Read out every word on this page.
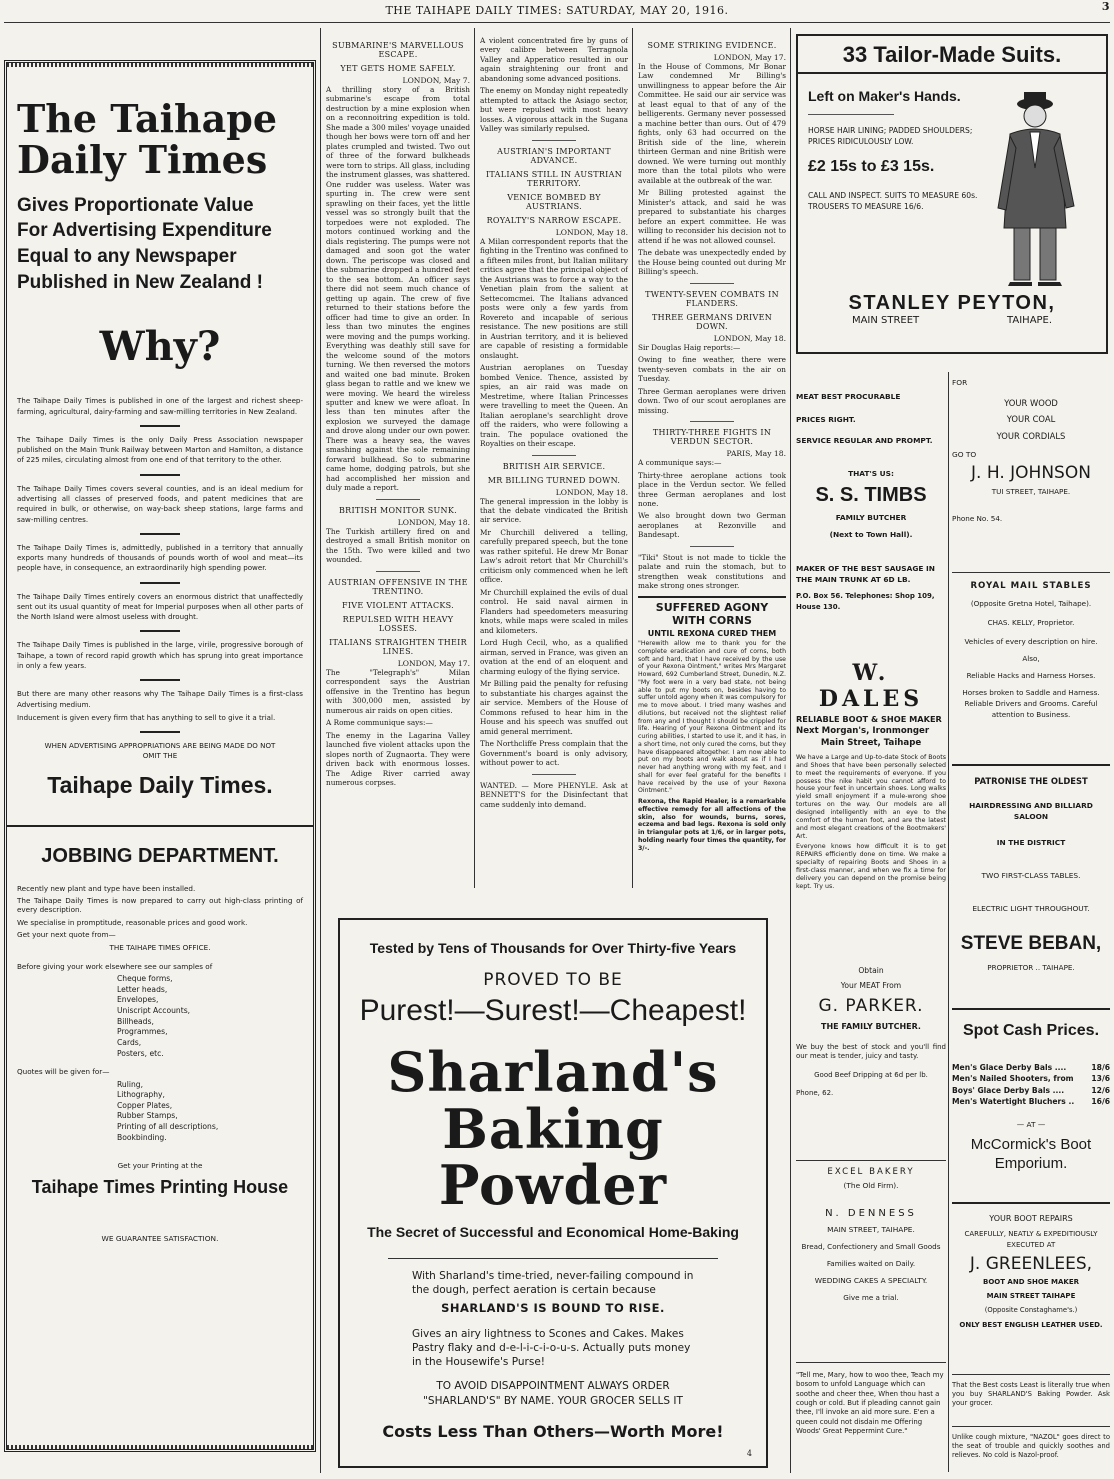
THE TAIHAPE DAILY TIMES: SATURDAY, MAY 20, 1916.	3
The Taihape
Daily Times
Gives Proportionate Value
For Advertising Expenditure
Equal to any Newspaper
Published in New Zealand !
Why?

The Taihape Daily Times is published in one of the largest and richest sheep-farming, agricultural, dairy-farming and saw-milling territories in New Zealand.

The Taihape Daily Times is the only Daily Press Association newspaper published on the Main Trunk Railway between Marton and Hamilton, a distance of 225 miles, circulating almost from one end of that territory to the other.

The Taihape Daily Times covers several counties, and is an ideal medium for advertising all classes of preserved foods, and patent medicines that are required in bulk, or otherwise, on way-back sheep stations, large farms and saw-milling centres.

The Taihape Daily Times is, admittedly, published in a territory that annually exports many hundreds of thousands of pounds worth of wool and meat—its people have, in consequence, an extraordinarily high spending power.

The Taihape Daily Times entirely covers an enormous district that unaffectedly sent out its usual quantity of meat for Imperial purposes when all other parts of the North Island were almost useless with drought.

The Taihape Daily Times is published in the large, virile, progressive borough of Taihape, a town of record rapid growth which has sprung into great importance in only a few years.

But there are many other reasons why The Taihape Daily Times is a first-class Advertising medium.

Inducement is given every firm that has anything to sell to give it a trial.

WHEN ADVERTISING APPROPRIATIONS ARE BEING MADE DO NOT OMIT THE

Taihape Daily Times.
JOBBING DEPARTMENT.

Recently new plant and type have been installed.

The Taihape Daily Times is now prepared to carry out high-class printing of every description.

We specialise in promptitude, reasonable prices and good work.

Get your next quote from—

THE TAIHAPE TIMES OFFICE.

Before giving your work elsewhere see our samples of

Cheque forms,
Letter heads,
Envelopes,
Uniscript Accounts,
Billheads,
Programmes,
Cards,
Posters, etc.

Quotes will be given for—

Ruling,
Lithography,
Copper Plates,
Rubber Stamps,
Printing of all descriptions,
Bookbinding.

Get your Printing at the

Taihape Times Printing House
WE GUARANTEE SATISFACTION.
SUBMARINE'S MARVELLOUS ESCAPE.
YET GETS HOME SAFELY.
LONDON, May 7.

A thrilling story of a British submarine's escape from total destruction by a mine explosion when on a reconnoitring expedition is told. She made a 300 miles' voyage unaided though her bows were torn off and her plates crumpled and twisted. Two out of three of the forward bulkheads were torn to strips. All glass, including the instrument glasses, was shattered. One rudder was useless. Water was spurting in. The crew were sent sprawling on their faces, yet the little vessel was so strongly built that the torpedoes were not exploded. The motors continued working and the dials registering. The pumps were not damaged and soon got the water down. The periscope was closed and the submarine dropped a hundred feet to the sea bottom. An officer says there did not seem much chance of getting up again. The crew of five returned to their stations before the officer had time to give an order. In less than two minutes the engines were moving and the pumps working. Everything was deathly still save for the welcome sound of the motors turning. We then reversed the motors and waited one bad minute. Broken glass began to rattle and we knew we were moving. We heard the wireless sputter and knew we were afloat. In less than ten minutes after the explosion we surveyed the damage and drove along under our own power. There was a heavy sea, the waves smashing against the sole remaining forward bulkhead. So to submarine came home, dodging patrols, but she had accomplished her mission and duly made a report.

BRITISH MONITOR SUNK.
LONDON, May 18.

The Turkish artillery fired on and destroyed a small British monitor on the 15th. Two were killed and two wounded.

AUSTRIAN OFFENSIVE IN THE TRENTINO.
FIVE VIOLENT ATTACKS.
REPULSED WITH HEAVY LOSSES.
ITALIANS STRAIGHTEN THEIR LINES.
LONDON, May 17.

The "Telegraph's" Milan correspondent says the Austrian offensive in the Trentino has begun with 300,000 men, assisted by numerous air raids on open cities.

A Rome communique says:—

The enemy in the Lagarina Valley launched five violent attacks upon the slopes north of Zugnaorta. They were driven back with enormous losses. The Adige River carried away numerous corpses.

A violent concentrated fire by guns of every calibre between Terragnola Valley and Apperatico resulted in our again straightening our front and abandoning some advanced positions.

The enemy on Monday night repeatedly attempted to attack the Asiago sector, but were repulsed with most heavy losses. A vigorous attack in the Sugana Valley was similarly repulsed.

AUSTRIAN'S IMPORTANT ADVANCE.
ITALIANS STILL IN AUSTRIAN TERRITORY.
VENICE BOMBED BY AUSTRIANS.
ROYALTY'S NARROW ESCAPE.
LONDON, May 18.

A Milan correspondent reports that the fighting in the Trentino was confined to a fifteen miles front, but Italian military critics agree that the principal object of the Austrians was to force a way to the Venetian plain from the salient at Settecomcmei. The Italians advanced posts were only a few yards from Rovereto and incapable of serious resistance. The new positions are still in Austrian territory, and it is believed are capable of resisting a formidable onslaught.

Austrian aeroplanes on Tuesday bombed Venice. Thence, assisted by spies, an air raid was made on Mestretime, where Italian Princesses were travelling to meet the Queen. An Italian aeroplane's searchlight drove off the raiders, who were following a train. The populace ovationed the Royalties on their escape.

BRITISH AIR SERVICE.
MR BILLING TURNED DOWN.
LONDON, May 18.

The general impression in the lobby is that the debate vindicated the British air service.

Mr Churchill delivered a telling, carefully prepared speech, but the tone was rather spiteful. He drew Mr Bonar Law's adroit retort that Mr Churchill's criticism only commenced when he left office.

Mr Churchill explained the evils of dual control. He said naval airmen in Flanders had speedometers measuring knots, while maps were scaled in miles and kilometers.

Lord Hugh Cecil, who, as a qualified airman, served in France, was given an ovation at the end of an eloquent and charming eulogy of the flying service.

Mr Billing paid the penalty for refusing to substantiate his charges against the air service. Members of the House of Commons refused to hear him in the House and his speech was snuffed out amid general merriment.

The Northcliffe Press complain that the Government's board is only advisory, without power to act.

WANTED. — More PHENYLE. Ask at BENNETT'S for the Disinfectant that came suddenly into demand.

SOME STRIKING EVIDENCE.
LONDON, May 17.

In the House of Commons, Mr Bonar Law condemned Mr Billing's unwillingness to appear before the Air Committee. He said our air service was at least equal to that of any of the belligerents. Germany never possessed a machine better than ours. Out of 479 fights, only 63 had occurred on the British side of the line, wherein thirteen German and nine British were downed. We were turning out monthly more than the total pilots who were available at the outbreak of the war.

Mr Billing protested against the Minister's attack, and said he was prepared to substantiate his charges before an expert committee. He was willing to reconsider his decision not to attend if he was not allowed counsel.

The debate was unexpectedly ended by the House being counted out during Mr Billing's speech.

TWENTY-SEVEN COMBATS IN FLANDERS.
THREE GERMANS DRIVEN DOWN.
LONDON, May 18.

Sir Douglas Haig reports:—

Owing to fine weather, there were twenty-seven combats in the air on Tuesday.

Three German aeroplanes were driven down. Two of our scout aeroplanes are missing.

THIRTY-THREE FIGHTS IN VERDUN SECTOR.
PARIS, May 18.

A communique says:—

Thirty-three aeroplane actions took place in the Verdun sector. We felled three German aeroplanes and lost none.

We also brought down two German aeroplanes at Rezonville and Bandesapt.

"Tiki" Stout is not made to tickle the palate and ruin the stomach, but to strengthen weak constitutions and make strong ones stronger.

SUFFERED AGONY WITH CORNS
UNTIL REXONA CURED THEM

"Herewith allow me to thank you for the complete eradication and cure of corns, both soft and hard, that I have received by the use of your Rexona Ointment," writes Mrs Margaret Howard, 692 Cumberland Street, Dunedin, N.Z. "My foot were in a very bad state, not being able to put my boots on, besides having to suffer untold agony when it was compulsory for me to move about. I tried many washes and dilutions, but received not the slightest relief from any and I thought I should be crippled for life. Hearing of your Rexona Ointment and its curing abilities, I started to use it, and it has, in a short time, not only cured the corns, but they have disappeared altogether. I am now able to put on my boots and walk about as if I had never had anything wrong with my feet, and I shall for ever feel grateful for the benefits I have received by the use of your Rexona Ointment."

Rexona, the Rapid Healer, is a remarkable effective remedy for all affections of the skin, also for wounds, burns, sores, eczema and bad legs. Rexona is sold only in triangular pots at 1/6, or in larger pots, holding nearly four times the quantity, for 3/-.

Tested by Tens of Thousands for Over Thirty-five Years
PROVED TO BE
Purest!—Surest!—Cheapest!
Sharland's
Baking Powder
The Secret of Successful and Economical Home-Baking

With Sharland's time-tried, never-failing compound in the dough, perfect aeration is certain because

SHARLAND'S IS BOUND TO RISE.

Gives an airy lightness to Scones and Cakes. Makes Pastry flaky and d-e-l-i-c-i-o-u-s. Actually puts money in the Housewife's Purse!

TO AVOID DISAPPOINTMENT ALWAYS ORDER "SHARLAND'S" BY NAME. YOUR GROCER SELLS IT

Costs Less Than Others—Worth More!
4
33 Tailor-Made Suits.
Left on Maker's Hands.

HORSE HAIR LINING; PADDED SHOULDERS; PRICES RIDICULOUSLY LOW.

£2 15s to £3 15s.

CALL AND INSPECT. SUITS TO MEASURE 60s. TROUSERS TO MEASURE 16/6.

STANLEY PEYTON,
MAIN STREET	TAIHAPE.
MEAT BEST PROCURABLE
PRICES RIGHT.
SERVICE REGULAR AND PROMPT.
THAT'S US:
S. S. TIMBS
FAMILY BUTCHER
(Next to Town Hall).
MAKER OF THE BEST SAUSAGE IN THE MAIN TRUNK AT 6D LB.
P.O. Box 56. Telephones: Shop 109, House 130.
W. DALES
RELIABLE BOOT & SHOE MAKER
Next Morgan's, Ironmonger
Main Street, Taihape

We have a Large and Up-to-date Stock of Boots and Shoes that have been personally selected to meet the requirements of everyone. If you possess the nike habit you cannot afford to house your feet in uncertain shoes. Long walks yield small enjoyment if a mule-wrong shoe tortures on the way. Our models are all designed intelligently with an eye to the comfort of the human foot, and are the latest and most elegant creations of the Bootmakers' Art.

Everyone knows how difficult it is to get REPAIRS efficiently done on time. We make a specialty of repairing Boots and Shoes in a first-class manner, and when we fix a time for delivery you can depend on the promise being kept. Try us.

Obtain
Your MEAT From
G. PARKER.
THE FAMILY BUTCHER.

We buy the best of stock and you'll find our meat is tender, juicy and tasty.

Good Beef Dripping at 6d per lb.

Phone, 62.

EXCEL BAKERY
(The Old Firm).
N. DENNESS
MAIN STREET, TAIHAPE.
Bread, Confectionery and Small Goods
Families waited on Daily.
WEDDING CAKES A SPECIALTY.
Give me a trial.

"Tell me, Mary, how to woo thee, Teach my bosom to unfold Language which can soothe and cheer thee, When thou hast a cough or cold. But if pleading cannot gain thee, I'll invoke an aid more sure. E'en a queen could not disdain me Offering Woods' Great Peppermint Cure."

FOR
YOUR WOOD
YOUR COAL
YOUR CORDIALS
GO TO
J. H. JOHNSON
TUI STREET, TAIHAPE.
Phone No. 54.
ROYAL MAIL STABLES
(Opposite Gretna Hotel, Taihape).
CHAS. KELLY, Proprietor.
Vehicles of every description on hire.
Also,
Reliable Hacks and Harness Horses.
Horses broken to Saddle and Harness. Reliable Drivers and Grooms. Careful attention to Business.
PATRONISE THE OLDEST
HAIRDRESSING AND BILLIARD SALOON
IN THE DISTRICT
TWO FIRST-CLASS TABLES.
ELECTRIC LIGHT THROUGHOUT.
STEVE BEBAN,
PROPRIETOR .. TAIHAPE.
Spot Cash Prices.
Men's Glace Derby Bals ....	18/6
Men's Nailed Shooters, from 13/6
Boys' Glace Derby Bals ....	12/6
Men's Watertight Bluchers .. 16/6
— AT —
McCormick's Boot Emporium.
YOUR BOOT REPAIRS
CAREFULLY, NEATLY & EXPEDITIOUSLY EXECUTED AT
J. GREENLEES,
BOOT AND SHOE MAKER
MAIN STREET TAIHAPE
(Opposite Constaghame's.)
ONLY BEST ENGLISH LEATHER USED.

That the Best costs Least is literally true when you buy SHARLAND'S Baking Powder. Ask your grocer.

Unlike cough mixture, "NAZOL" goes direct to the seat of trouble and quickly soothes and relieves. No cold is Nazol-proof.
